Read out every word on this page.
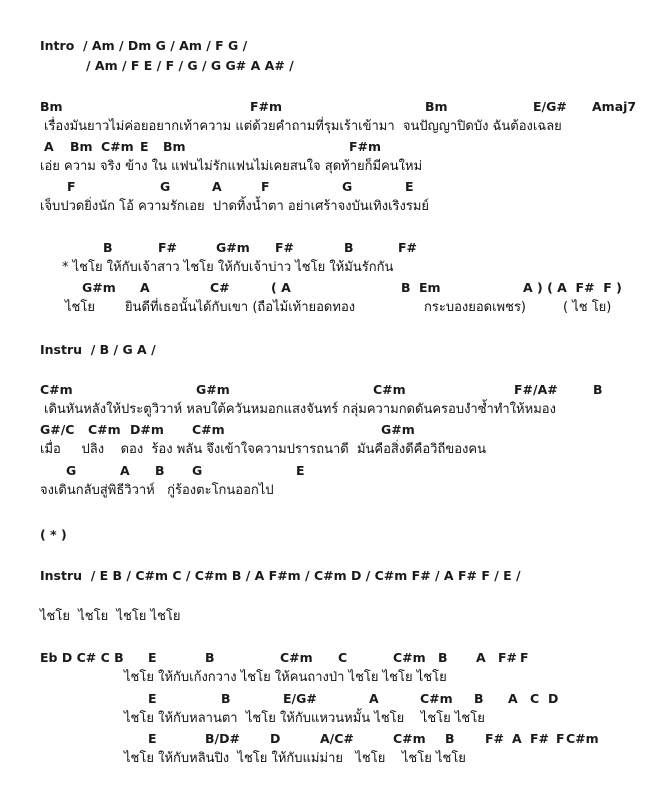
Intro  / Am / Dm G / Am / F G /
/ Am / F E / F / G / G G# A A# /
Bm	F#m	Bm	E/G# Amaj7
เรื่องมันยาวไม่ค่อยอยากเท้าความ แต่ด้วยคำถามที่รุมเร้าเข้ามา  จนปัญญาปิดบัง ฉันต้องเฉลย
A Bm C#m E Bm	F#m
เอ่ย ความ จริง ข้าง ใน แฟนไม่รักแฟนไม่เคยสนใจ สุดท้ายก็มีคนใหม่
F	G	A	F	G	E
เจ็บปวดยิ่งนัก โอ้ ความรักเอย  ปาดทิ้งน้ำตา อย่าเศร้าจงบันเทิงเริงรมย์
B	F#	G#m F#	B	F#
* ไชโย ให้กับเจ้าสาว ไชโย ให้กับเจ้าบ่าว ไชโย ให้มันรักกัน
G#m A	C#	( A	B Em	A ) ( A  F#  F )
ไชโย ยินดีที่เธอนั้นได้กับเขา (ถือไม้เท้ายอดทอง	กระบองยอดเพชร)	( ไช โย)
Instru  / B / G A /
C#m	G#m	C#m	F#/A#	B
เดินหันหลังให้ประตูวิวาห์ หลบใต้ควันหมอกแสงจันทร์ กลุ่มความกดดันครอบงำซ้ำทำให้หมอง
G#/C C#m D#m C#m	G#m
เมื่อ     ปลิง    ดอง  ร้อง พลัน จึงเข้าใจความปรารถนาดี  มันคือสิ่งดีคือวิถีของคน
G	A B G	E
จงเดินกลับสู่พิธีวิวาห์   กู่ร้องตะโกนออกไป
( * )
Instru  / E B / C#m C / C#m B / A F#m / C#m D / C#m F# / A F# F / E /
ไชโย  ไชโย  ไชโย ไชโย
Eb D C# C B E	B	C#m C	C#m B A F# F
ไชโย ให้กับเก้งกวาง ไชโย ให้คนถางป่า ไชโย ไชโย ไชโย
E	B	E/G#	A	C#m B A C D
ไชโย ให้กับหลานตา  ไชโย ให้กับแหวนหมั้น ไชโย    ไชโย ไชโย
E	B/D# D	A/C#	C#m B F# A F# F C#m
ไชโย ให้กับหลินปิง  ไชโย ให้กับแม่ม่าย   ไชโย    ไชโย ไชโย
